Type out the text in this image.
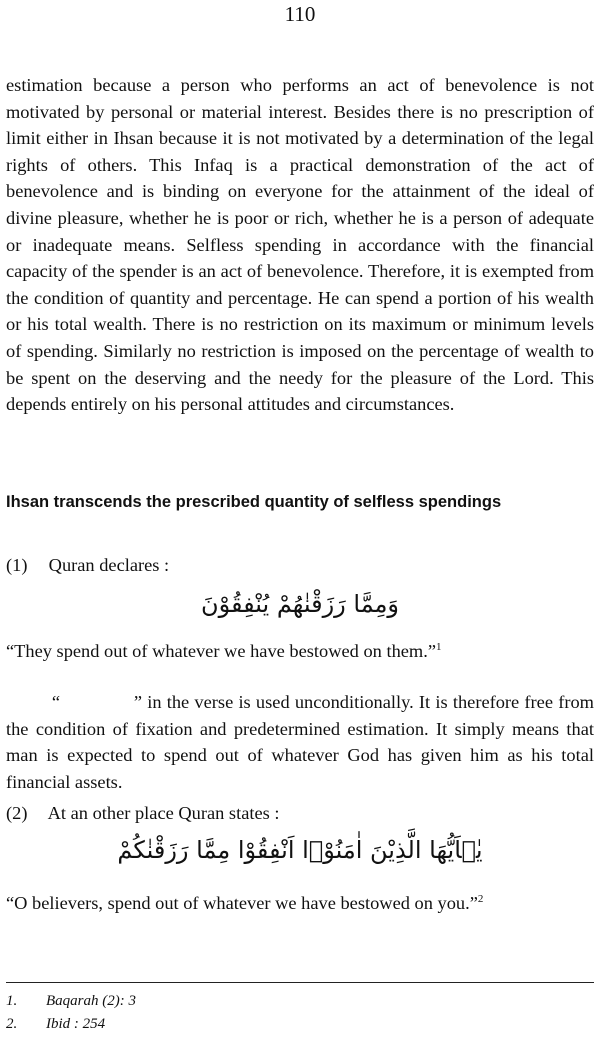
110

estimation because a person who performs an act of benevolence is not motivated by personal or material interest. Besides there is no prescription of limit either in Ihsan because it is not motivated by a determination of the legal rights of others. This Infaq is a practical demonstration of the act of benevolence and is binding on everyone for the attainment of the ideal of divine pleasure, whether he is poor or rich, whether he is a person of adequate or inadequate means. Selfless spending in accordance with the financial capacity of the spender is an act of benevolence. Therefore, it is exempted from the condition of quantity and percentage. He can spend a portion of his wealth or his total wealth. There is no restriction on its maximum or minimum levels of spending. Similarly no restriction is imposed on the percentage of wealth to be spent on the deserving and the needy for the pleasure of the Lord. This depends entirely on his personal attitudes and circumstances.

Ihsan transcends the prescribed quantity of selfless spendings

(1) Quran declares :

وَمِمَّا رَزَقْنٰهُمْ يُنْفِقُوْنَ

“They spend out of whatever we have bestowed on them.”$^1$

“	” in the verse is used unconditionally. It is therefore free from the condition of fixation and predetermined estimation. It simply means that man is expected to spend out of whatever God has given him as his total financial assets.

(2) At an other place Quran states :

يٰۤاَيُّهَا الَّذِيْنَ اٰمَنُوْۤا اَنْفِقُوْا مِمَّا رَزَقْنٰكُمْ

“O believers, spend out of whatever we have bestowed on you.”$^2$

1. Baqarah (2): 3
2. Ibid : 254
